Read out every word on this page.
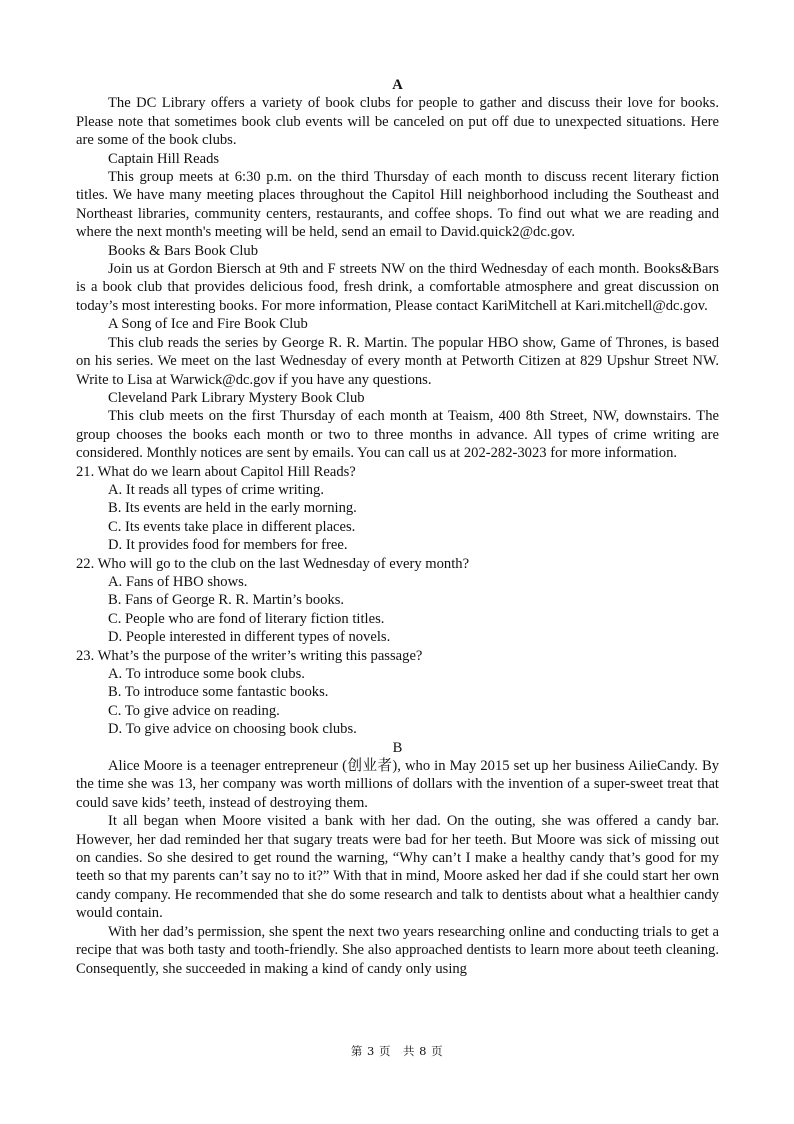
A

The DC Library offers a variety of book clubs for people to gather and discuss their love for books. Please note that sometimes book club events will be canceled on put off due to unexpected situations. Here are some of the book clubs.

Captain Hill Reads

This group meets at 6:30 p.m. on the third Thursday of each month to discuss recent literary fiction titles. We have many meeting places throughout the Capitol Hill neighborhood including the Southeast and Northeast libraries, community centers, restaurants, and coffee shops. To find out what we are reading and where the next month's meeting will be held, send an email to David.quick2@dc.gov.

Books & Bars Book Club

Join us at Gordon Biersch at 9th and F streets NW on the third Wednesday of each month. Books&Bars is a book club that provides delicious food, fresh drink, a comfortable atmosphere and great discussion on today’s most interesting books. For more information, Please contact KariMitchell at Kari.mitchell@dc.gov.

A Song of Ice and Fire Book Club

This club reads the series by George R. R. Martin. The popular HBO show, Game of Thrones, is based on his series. We meet on the last Wednesday of every month at Petworth Citizen at 829 Upshur Street NW. Write to Lisa at Warwick@dc.gov if you have any questions.

Cleveland Park Library Mystery Book Club

This club meets on the first Thursday of each month at Teaism, 400 8th Street, NW, downstairs. The group chooses the books each month or two to three months in advance. All types of crime writing are considered. Monthly notices are sent by emails. You can call us at 202-282-3023 for more information.

21. What do we learn about Capitol Hill Reads?

A. It reads all types of crime writing.

B. Its events are held in the early morning.

C. Its events take place in different places.

D. It provides food for members for free.

22. Who will go to the club on the last Wednesday of every month?

A. Fans of HBO shows.

B. Fans of George R. R. Martin’s books.

C. People who are fond of literary fiction titles.

D. People interested in different types of novels.

23. What’s the purpose of the writer’s writing this passage?

A. To introduce some book clubs.

B. To introduce some fantastic books.

C. To give advice on reading.

D. To give advice on choosing book clubs.

B

Alice Moore is a teenager entrepreneur (创业者), who in May 2015 set up her business AilieCandy. By the time she was 13, her company was worth millions of dollars with the invention of a super-sweet treat that could save kids’ teeth, instead of destroying them.

It all began when Moore visited a bank with her dad. On the outing, she was offered a candy bar. However, her dad reminded her that sugary treats were bad for her teeth. But Moore was sick of missing out on candies. So she desired to get round the warning, “Why can’t I make a healthy candy that’s good for my teeth so that my parents can’t say no to it?” With that in mind, Moore asked her dad if she could start her own candy company. He recommended that she do some research and talk to dentists about what a healthier candy would contain.

With her dad’s permission, she spent the next two years researching online and conducting trials to get a recipe that was both tasty and tooth-friendly. She also approached dentists to learn more about teeth cleaning. Consequently, she succeeded in making a kind of candy only using

第 3 页　共 8 页
